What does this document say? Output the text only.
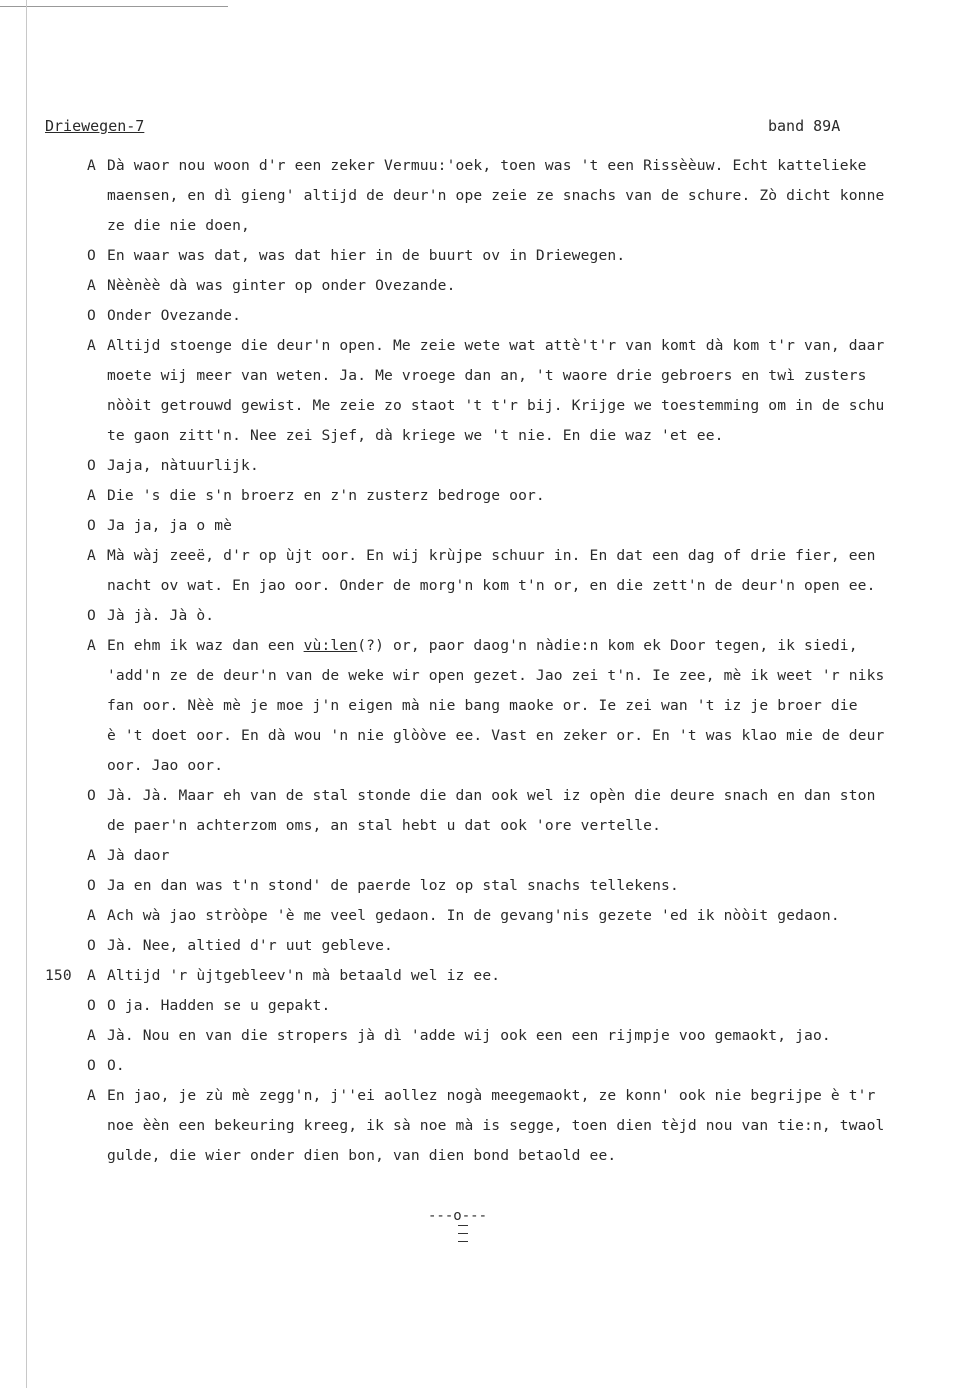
Driewegen-7	band 89A
A Dà waor nou woon d'r een zeker Vermuu:'oek, toen was 't een Rissèèuw. Echt kattelieke
maensen, en dì gieng' altijd de deur'n ope zeie ze snachs van de schure. Zò dicht konne
ze die nie doen,
O En waar was dat, was dat hier in de buurt ov in Driewegen.
A Nèènèè dà was ginter op onder Ovezande.
O Onder Ovezande.
A Altijd stoenge die deur'n open. Me zeie wete wat attè't'r van komt dà kom t'r van, daar
moete wij meer van weten. Ja. Me vroege dan an, 't waore drie gebroers en twì zusters
nòòit getrouwd gewist. Me zeie zo staot 't t'r bij. Krijge we toestemming om in de schu
te gaon zitt'n. Nee zei Sjef, dà kriege we 't nie. En die waz 'et ee.
O Jaja, nàtuurlijk.
A Die 's die s'n broerz en z'n zusterz bedroge oor.
O Ja ja, ja o mè
A Mà wàj zeeë, d'r op ùjt oor. En wij krùjpe schuur in. En dat een dag of drie fier, een
nacht ov wat. En jao oor. Onder de morg'n kom t'n or, en die zett'n de deur'n open ee.
O Jà jà. Jà ò.
A En ehm ik waz dan een vù:len(?) or, paor daog'n nàdie:n kom ek Door tegen, ik siedi,
'add'n ze de deur'n van de weke wir open gezet. Jao zei t'n. Ie zee, mè ik weet 'r niks
fan oor. Nèè mè je moe j'n eigen mà nie bang maoke or. Ie zei wan 't iz je broer die
è 't doet oor. En dà wou 'n nie glòòve ee. Vast en zeker or. En 't was klao mie de deur
oor. Jao oor.
O Jà. Jà. Maar eh van de stal stonde die dan ook wel iz opèn die deure snach en dan ston
de paer'n achterzom oms, an stal hebt u dat ook 'ore vertelle.
A Jà daor
O Ja en dan was t'n stond' de paerde loz op stal snachs tellekens.
A Ach wà jao stròòpe 'è me veel gedaon. In de gevang'nis gezete 'ed ik nòòit gedaon.
O Jà. Nee, altied d'r uut gebleve.
150 A Altijd 'r ùjtgebleev'n mà betaald wel iz ee.
O O ja. Hadden se u gepakt.
A Jà. Nou en van die stropers jà dì 'adde wij ook een een rijmpje voo gemaokt, jao.
O O.
A En jao, je zù mè zegg'n, j''ei aollez nogà meegemaokt, ze konn' ook nie begrijpe è t'r
noe èèn een bekeuring kreeg, ik sà noe mà is segge, toen dien tèjd nou van tie:n, twaol
gulde, die wier onder dien bon, van dien bond betaold ee.
---o---
